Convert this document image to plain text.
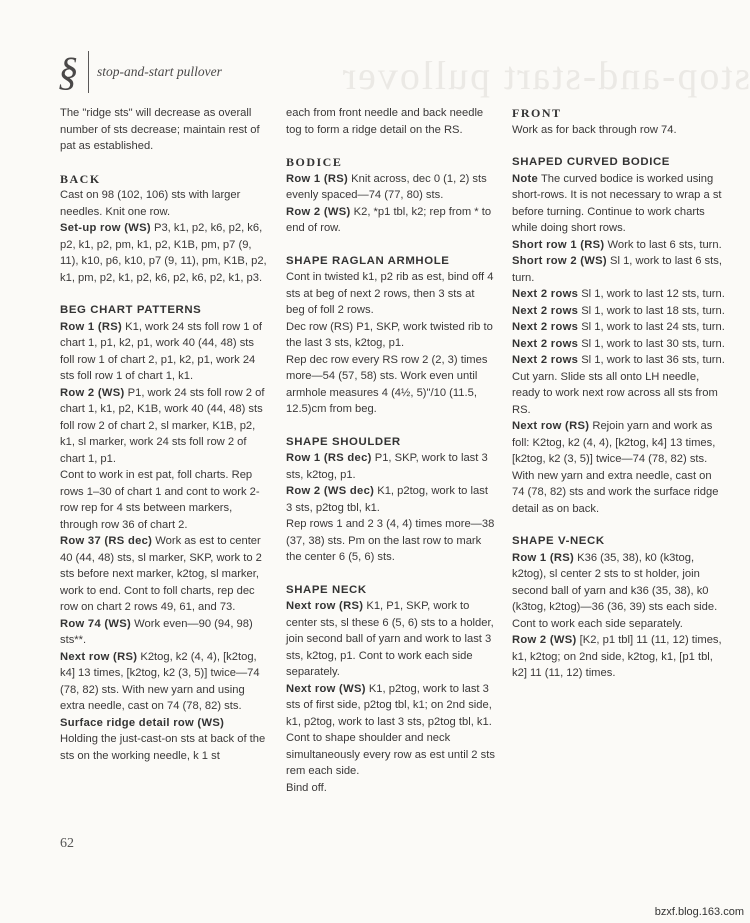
stop-and-start pullover
§ stop-and-start pullover

The "ridge sts" will decrease as overall number of sts decrease; maintain rest of pat as established.

BACK

Cast on 98 (102, 106) sts with larger needles. Knit one row.

Set-up row (WS) P3, k1, p2, k6, p2, k6, p2, k1, p2, pm, k1, p2, K1B, pm, p7 (9, 11), k10, p6, k10, p7 (9, 11), pm, K1B, p2, k1, pm, p2, k1, p2, k6, p2, k6, p2, k1, p3.

BEG CHART PATTERNS

Row 1 (RS) K1, work 24 sts foll row 1 of chart 1, p1, k2, p1, work 40 (44, 48) sts foll row 1 of chart 2, p1, k2, p1, work 24 sts foll row 1 of chart 1, k1.

Row 2 (WS) P1, work 24 sts foll row 2 of chart 1, k1, p2, K1B, work 40 (44, 48) sts foll row 2 of chart 2, sl marker, K1B, p2, k1, sl marker, work 24 sts foll row 2 of chart 1, p1.

Cont to work in est pat, foll charts. Rep rows 1–30 of chart 1 and cont to work 2-row rep for 4 sts between markers, through row 36 of chart 2.

Row 37 (RS dec) Work as est to center 40 (44, 48) sts, sl marker, SKP, work to 2 sts before next marker, k2tog, sl marker, work to end. Cont to foll charts, rep dec row on chart 2 rows 49, 61, and 73.

Row 74 (WS) Work even—90 (94, 98) sts**.

Next row (RS) K2tog, k2 (4, 4), [k2tog, k4] 13 times, [k2tog, k2 (3, 5)] twice—74 (78, 82) sts. With new yarn and using extra needle, cast on 74 (78, 82) sts.

Surface ridge detail row (WS)

Holding the just-cast-on sts at back of the sts on the working needle, k 1 st

each from front needle and back needle tog to form a ridge detail on the RS.

BODICE

Row 1 (RS) Knit across, dec 0 (1, 2) sts evenly spaced—74 (77, 80) sts.

Row 2 (WS) K2, *p1 tbl, k2; rep from * to end of row.

SHAPE RAGLAN ARMHOLE

Cont in twisted k1, p2 rib as est, bind off 4 sts at beg of next 2 rows, then 3 sts at beg of foll 2 rows.

Dec row (RS) P1, SKP, work twisted rib to the last 3 sts, k2tog, p1.

Rep dec row every RS row 2 (2, 3) times more—54 (57, 58) sts. Work even until armhole measures 4 (4½, 5)"/10 (11.5, 12.5)cm from beg.

SHAPE SHOULDER

Row 1 (RS dec) P1, SKP, work to last 3 sts, k2tog, p1.

Row 2 (WS dec) K1, p2tog, work to last 3 sts, p2tog tbl, k1.

Rep rows 1 and 2 3 (4, 4) times more—38 (37, 38) sts. Pm on the last row to mark the center 6 (5, 6) sts.

SHAPE NECK

Next row (RS) K1, P1, SKP, work to center sts, sl these 6 (5, 6) sts to a holder, join second ball of yarn and work to last 3 sts, k2tog, p1. Cont to work each side separately.

Next row (WS) K1, p2tog, work to last 3 sts of first side, p2tog tbl, k1; on 2nd side, k1, p2tog, work to last 3 sts, p2tog tbl, k1. Cont to shape shoulder and neck simultaneously every row as est until 2 sts rem each side.

Bind off.

FRONT

Work as for back through row 74.

SHAPED CURVED BODICE

Note The curved bodice is worked using short-rows. It is not necessary to wrap a st before turning. Continue to work charts while doing short rows.

Short row 1 (RS) Work to last 6 sts, turn.

Short row 2 (WS) Sl 1, work to last 6 sts, turn.

Next 2 rows Sl 1, work to last 12 sts, turn.

Next 2 rows Sl 1, work to last 18 sts, turn.

Next 2 rows Sl 1, work to last 24 sts, turn.

Next 2 rows Sl 1, work to last 30 sts, turn.

Next 2 rows Sl 1, work to last 36 sts, turn.

Cut yarn. Slide sts all onto LH needle, ready to work next row across all sts from RS.

Next row (RS) Rejoin yarn and work as foll: K2tog, k2 (4, 4), [k2tog, k4] 13 times, [k2tog, k2 (3, 5)] twice—74 (78, 82) sts.

With new yarn and extra needle, cast on 74 (78, 82) sts and work the surface ridge detail as on back.

SHAPE V-NECK

Row 1 (RS) K36 (35, 38), k0 (k3tog, k2tog), sl center 2 sts to st holder, join second ball of yarn and k36 (35, 38), k0 (k3tog, k2tog)—36 (36, 39) sts each side. Cont to work each side separately.

Row 2 (WS) [K2, p1 tbl] 11 (11, 12) times, k1, k2tog; on 2nd side, k2tog, k1, [p1 tbl, k2] 11 (11, 12) times.

62
bzxf.blog.163.com
